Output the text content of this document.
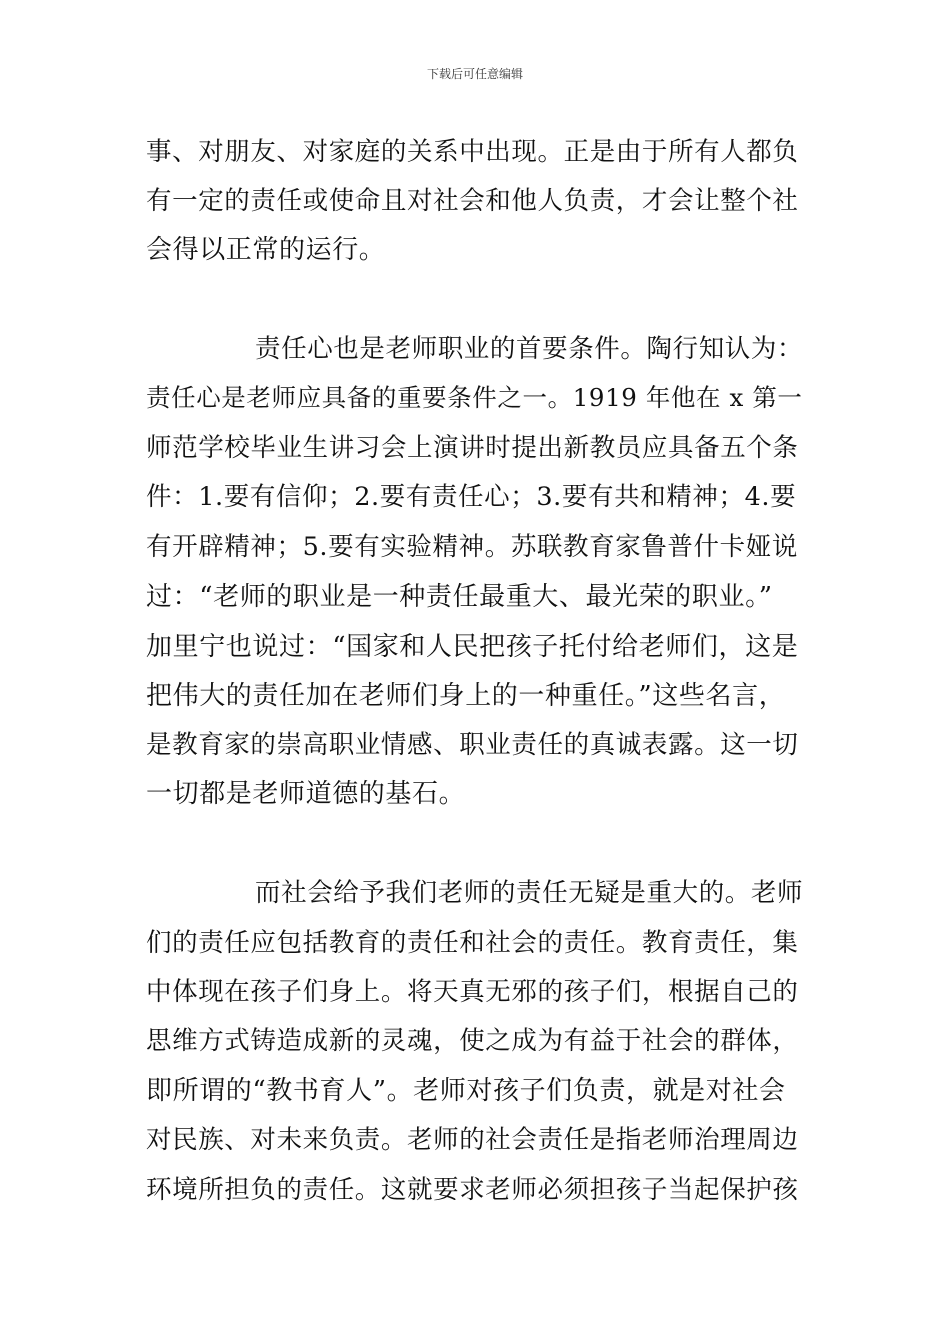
下载后可任意编辑
事、对朋友、对家庭的关系中出现。正是由于所有人都负
有一定的责任或使命且对社会和他人负责，才会让整个社
会得以正常的运行。
责任心也是老师职业的首要条件。陶行知认为：
责任心是老师应具备的重要条件之一。1919 年他在 x 第一
师范学校毕业生讲习会上演讲时提出新教员应具备五个条
件：1.要有信仰；2.要有责任心；3.要有共和精神；4.要
有开辟精神；5.要有实验精神。苏联教育家鲁普什卡娅说
过：“老师的职业是一种责任最重大、最光荣的职业。”
加里宁也说过：“国家和人民把孩子托付给老师们，这是
把伟大的责任加在老师们身上的一种重任。”这些名言，
是教育家的崇高职业情感、职业责任的真诚表露。这一切
一切都是老师道德的基石。
而社会给予我们老师的责任无疑是重大的。老师
们的责任应包括教育的责任和社会的责任。教育责任，集
中体现在孩子们身上。将天真无邪的孩子们，根据自己的
思维方式铸造成新的灵魂，使之成为有益于社会的群体，
即所谓的“教书育人”。老师对孩子们负责，就是对社会
对民族、对未来负责。老师的社会责任是指老师治理周边
环境所担负的责任。这就要求老师必须担孩子当起保护孩
